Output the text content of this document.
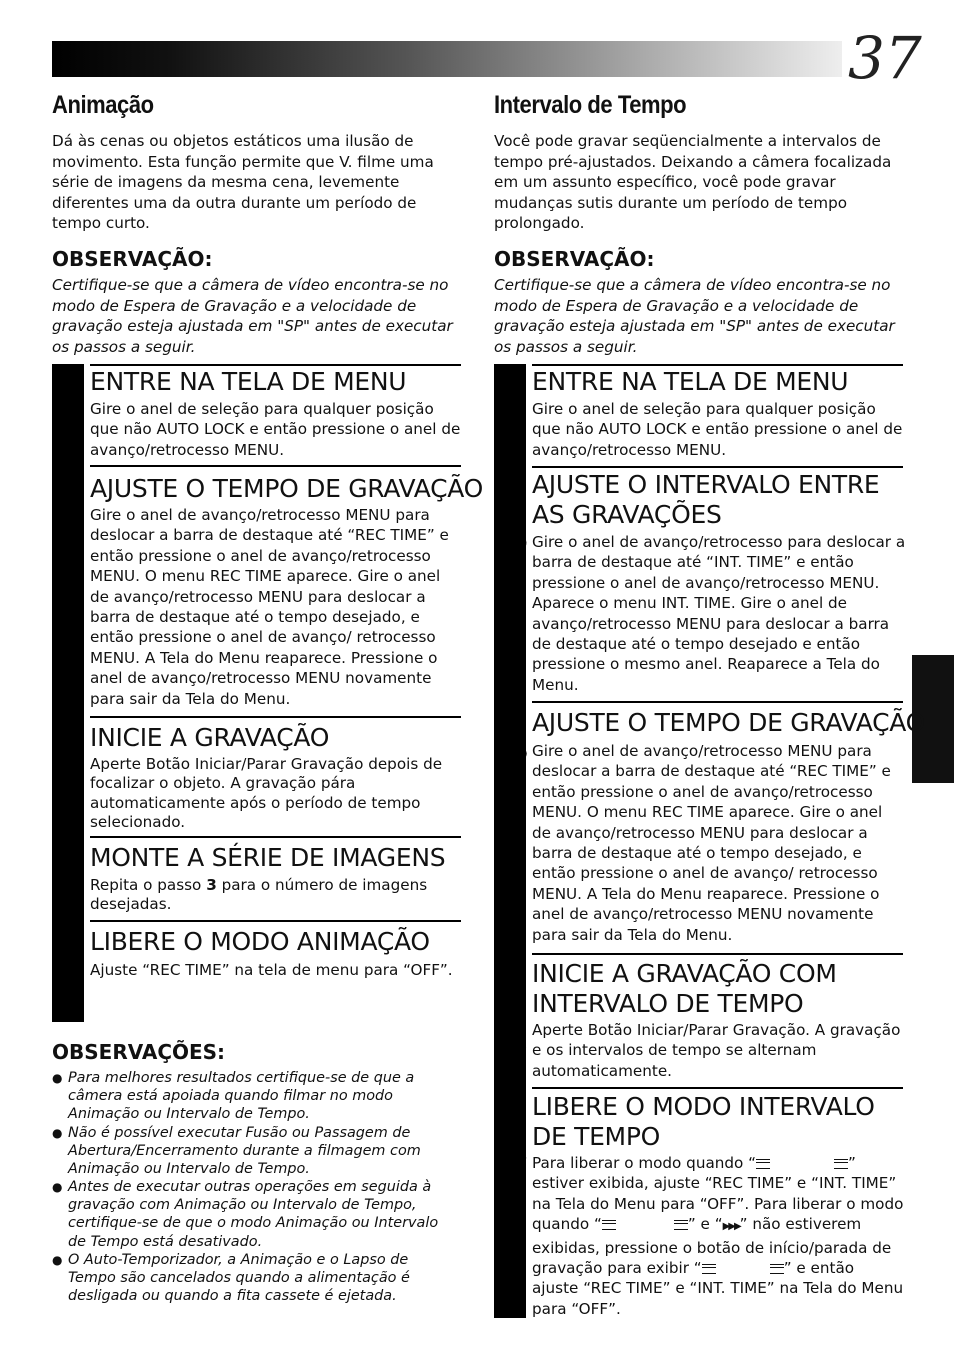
37
Animação
Dá às cenas ou objetos estáticos uma ilusão de movimento. Esta função permite que V. filme uma série de imagens da mesma cena, levemente diferentes uma da outra durante um período de tempo curto.
OBSERVAÇÃO:
Certifique-se que a câmera de vídeo encontra-se no modo de Espera de Gravação e a velocidade de gravação esteja ajustada em "SP" antes de executar os passos a seguir.
1
ENTRE NA TELA DE MENU
Gire o anel de seleção para qualquer posição que não AUTO LOCK e então pressione o anel de avanço/retrocesso MENU.
2
AJUSTE O TEMPO DE GRAVAÇÃO
Gire o anel de avanço/retrocesso MENU para deslocar a barra de destaque até “REC TIME” e então pressione o anel de avanço/retrocesso MENU. O menu REC TIME aparece. Gire o anel de avanço/retrocesso MENU para deslocar a barra de destaque até o tempo desejado, e então pressione o anel de avanço/ retrocesso MENU. A Tela do Menu reaparece. Pressione o anel de avanço/retrocesso MENU novamente para sair da Tela do Menu.
3
INICIE A GRAVAÇÃO
Aperte Botão Iniciar/Parar Gravação depois de focalizar o objeto. A gravação pára automaticamente após o período de tempo selecionado.
4
MONTE A SÉRIE DE IMAGENS
Repita o passo 3 para o número de imagens desejadas.
5
LIBERE O MODO ANIMAÇÃO
Ajuste “REC TIME” na tela de menu para “OFF”.
OBSERVAÇÕES:
● Para melhores resultados certifique-se de que a câmera está apoiada quando filmar no modo Animação ou Intervalo de Tempo.
● Não é possível executar Fusão ou Passagem de Abertura/Encerramento durante a filmagem com Animação ou Intervalo de Tempo.
● Antes de executar outras operações em seguida à gravação com Animação ou Intervalo de Tempo, certifique-se de que o modo Animação ou Intervalo de Tempo está desativado.
● O Auto-Temporizador, a Animação e o Lapso de Tempo são cancelados quando a alimentação é desligada ou quando a fita cassete é ejetada.
Intervalo de Tempo
Você pode gravar seqüencialmente a intervalos de tempo pré-ajustados. Deixando a câmera focalizada em um assunto específico, você pode gravar mudanças sutis durante um período de tempo prolongado.
OBSERVAÇÃO:
Certifique-se que a câmera de vídeo encontra-se no modo de Espera de Gravação e a velocidade de gravação esteja ajustada em "SP" antes de executar os passos a seguir.
1
ENTRE NA TELA DE MENU
Gire o anel de seleção para qualquer posição que não AUTO LOCK e então pressione o anel de avanço/retrocesso MENU.
2
AJUSTE O INTERVALO ENTRE
AS GRAVAÇÕES
Gire o anel de avanço/retrocesso para deslocar a barra de destaque até “INT. TIME” e então pressione o anel de avanço/retrocesso MENU. Aparece o menu INT. TIME. Gire o anel de avanço/retrocesso MENU para deslocar a barra de destaque até o tempo desejado e então pressione o mesmo anel. Reaparece a Tela do Menu.
3
AJUSTE O TEMPO DE GRAVAÇÃO
Gire o anel de avanço/retrocesso MENU para deslocar a barra de destaque até “REC TIME” e então pressione o anel de avanço/retrocesso MENU. O menu REC TIME aparece. Gire o anel de avanço/retrocesso MENU para deslocar a barra de destaque até o tempo desejado, e então pressione o anel de avanço/ retrocesso MENU. A Tela do Menu reaparece. Pressione o anel de avanço/retrocesso MENU novamente para sair da Tela do Menu.
4
INICIE A GRAVAÇÃO COM
INTERVALO DE TEMPO
Aperte Botão Iniciar/Parar Gravação. A gravação e os intervalos de tempo se alternam automaticamente.
5
LIBERE O MODO INTERVALO
DE TEMPO
Para liberar o modo quando “	” estiver exibida, ajuste “REC TIME” e “INT. TIME” na Tela do Menu para “OFF”. Para liberar o modo quando “	” e “▶▶▶” não estiverem exibidas, pressione o botão de início/parada de gravação para exibir “	” e então ajuste “REC TIME” e “INT. TIME” na Tela do Menu para “OFF”.
